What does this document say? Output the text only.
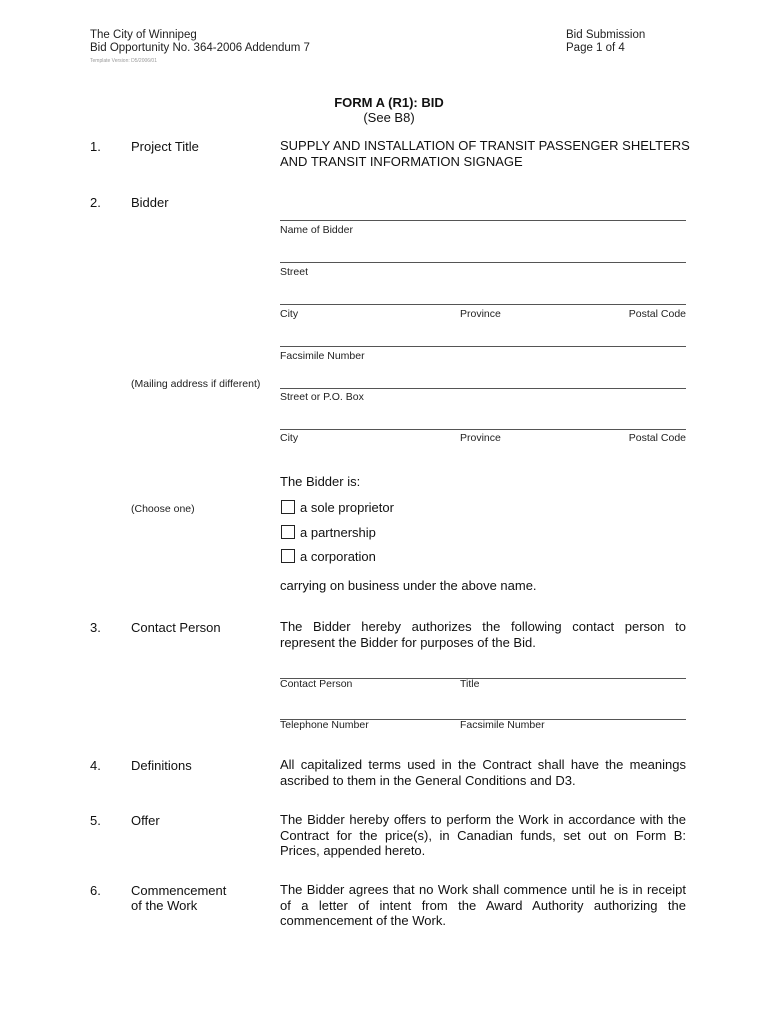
The City of Winnipeg
Bid Opportunity No. 364-2006 Addendum 7
Template Version: D5/2006/01
Bid Submission
Page 1 of 4
FORM A (R1): BID
(See B8)
1. Project Title	SUPPLY AND INSTALLATION OF TRANSIT PASSENGER SHELTERS
AND TRANSIT INFORMATION SIGNAGE
2. Bidder
Name of Bidder
Street
City	Province	Postal Code
Facsimile Number
(Mailing address if different)
Street or P.O. Box
City	Province	Postal Code
The Bidder is:
(Choose one)	a sole proprietor
a partnership
a corporation
carrying on business under the above name.
3. Contact Person	The Bidder hereby authorizes the following contact person to represent the Bidder for purposes of the Bid.
Contact Person	Title
Telephone Number	Facsimile Number
4. Definitions	All capitalized terms used in the Contract shall have the meanings ascribed to them in the General Conditions and D3.
5. Offer	The Bidder hereby offers to perform the Work in accordance with the Contract for the price(s), in Canadian funds, set out on Form B: Prices, appended hereto.
6. Commencement
of the Work
The Bidder agrees that no Work shall commence until he is in receipt of a letter of intent from the Award Authority authorizing the commencement of the Work.
